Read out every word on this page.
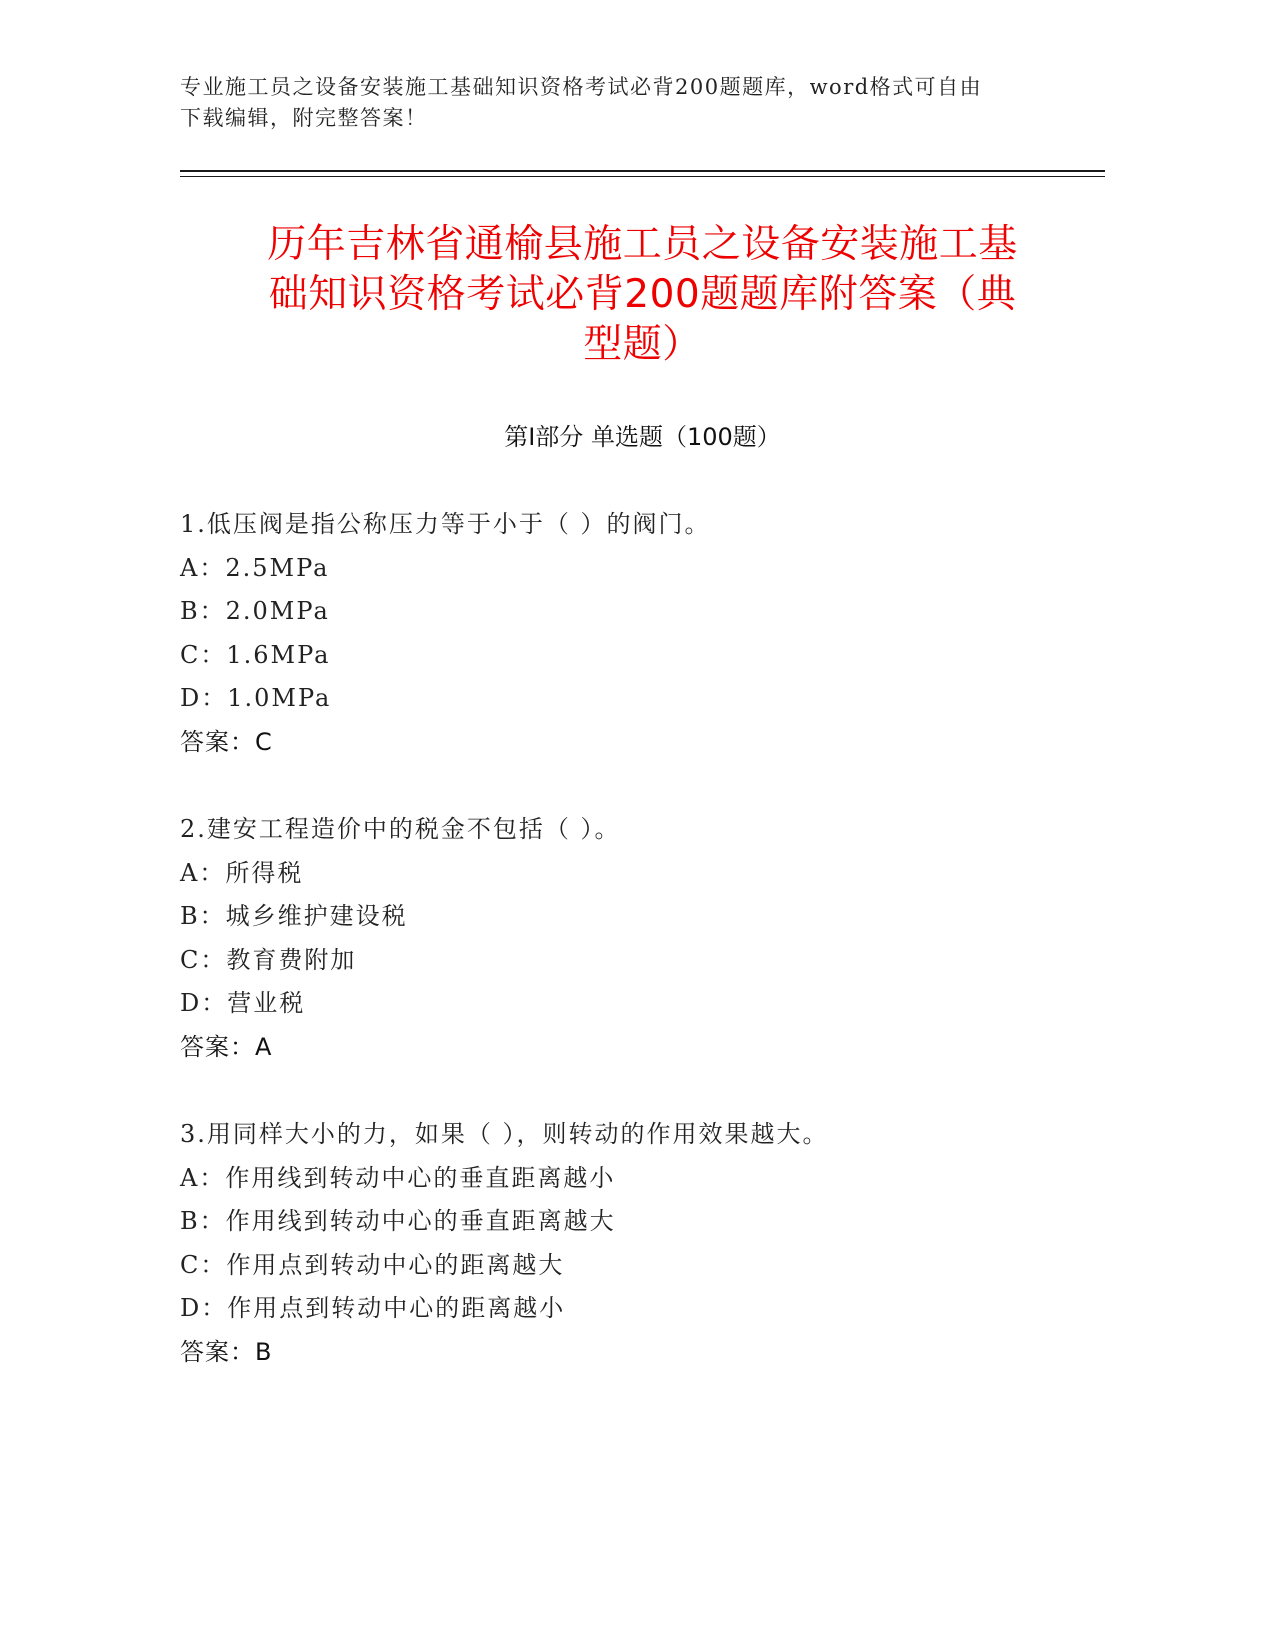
专业施工员之设备安装施工基础知识资格考试必背200题题库，word格式可自由
下载编辑，附完整答案！
历年吉林省通榆县施工员之设备安装施工基
础知识资格考试必背200题题库附答案（典
型题）
第Ⅰ部分 单选题（100题）
1.低压阀是指公称压力等于小于（ ）的阀门。
A：2.5MPa
B：2.0MPa
C：1.6MPa
D：1.0MPa
答案：C
2.建安工程造价中的税金不包括（ ）。
A：所得税
B：城乡维护建设税
C：教育费附加
D：营业税
答案：A
3.用同样大小的力，如果（ ），则转动的作用效果越大。
A：作用线到转动中心的垂直距离越小
B：作用线到转动中心的垂直距离越大
C：作用点到转动中心的距离越大
D：作用点到转动中心的距离越小
答案：B
